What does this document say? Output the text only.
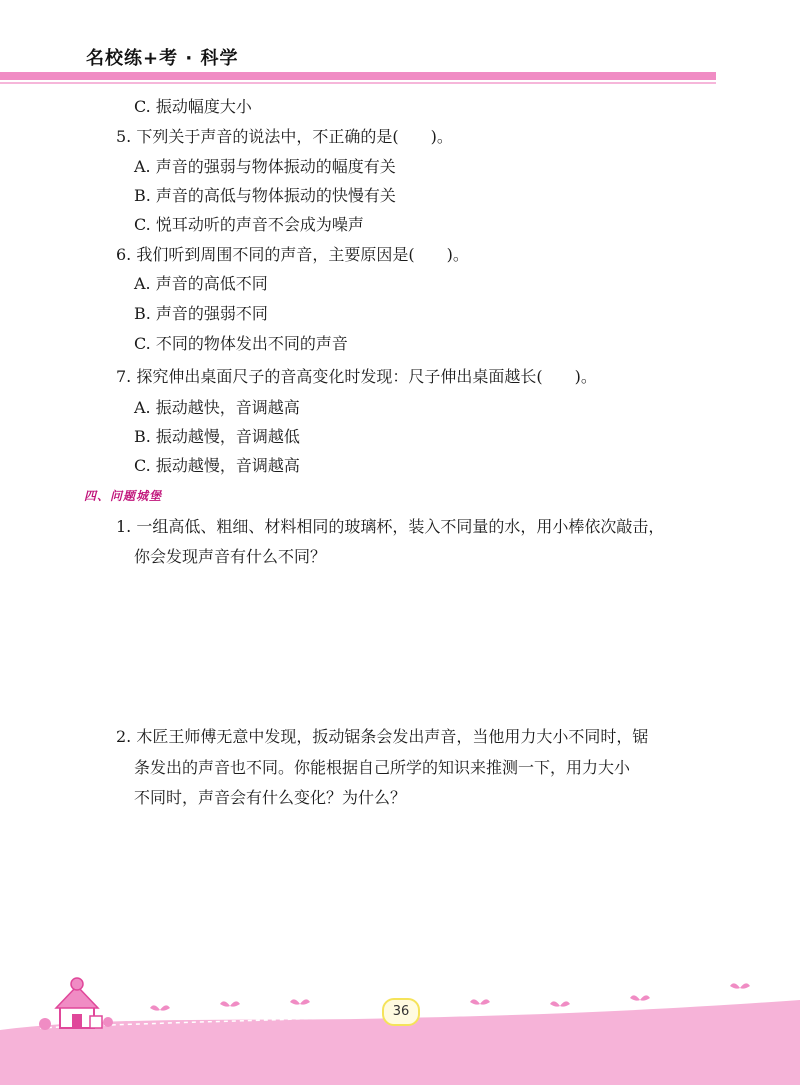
名校练+考 · 科学
C. 振动幅度大小
5. 下列关于声音的说法中，不正确的是(　　)。
A. 声音的强弱与物体振动的幅度有关
B. 声音的高低与物体振动的快慢有关
C. 悦耳动听的声音不会成为噪声
6. 我们听到周围不同的声音，主要原因是(　　)。
A. 声音的高低不同
B. 声音的强弱不同
C. 不同的物体发出不同的声音
7. 探究伸出桌面尺子的音高变化时发现：尺子伸出桌面越长(　　)。
A. 振动越快，音调越高
B. 振动越慢，音调越低
C. 振动越慢，音调越高
四、问题城堡
1. 一组高低、粗细、材料相同的玻璃杯，装入不同量的水，用小棒依次敲击，
你会发现声音有什么不同？
2. 木匠王师傅无意中发现，扳动锯条会发出声音，当他用力大小不同时，锯
条发出的声音也不同。你能根据自己所学的知识来推测一下，用力大小
不同时，声音会有什么变化？为什么？
36
